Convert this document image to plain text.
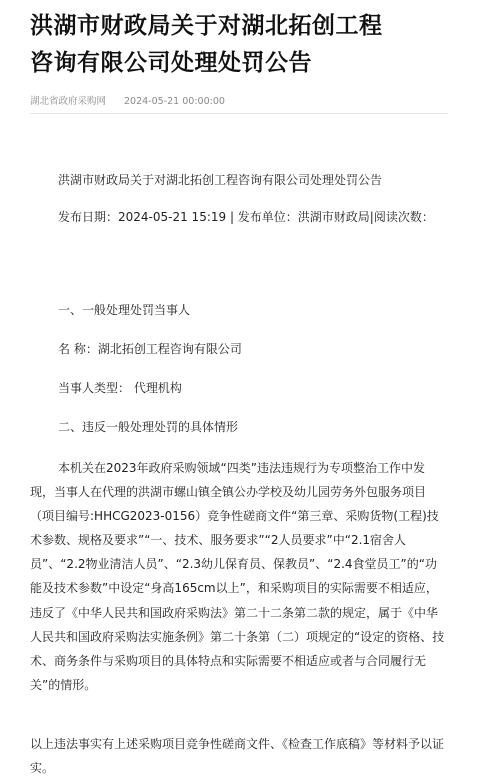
洪湖市财政局关于对湖北拓创工程
咨询有限公司处理处罚公告
湖北省政府采购网 2024-05-21 00:00:00

洪湖市财政局关于对湖北拓创工程咨询有限公司处理处罚公告

发布日期：2024-05-21 15:19 | 发布单位：洪湖市财政局|阅读次数：

一、一般处理处罚当事人

名 称：湖北拓创工程咨询有限公司

当事人类型： 代理机构

二、违反一般处理处罚的具体情形

本机关在2023年政府采购领域“四类”违法违规行为专项整治工作中发现，当事人在代理的洪湖市螺山镇全镇公办学校及幼儿园劳务外包服务项目（项目编号:HHCG2023-0156）竞争性磋商文件“第三章、采购货物(工程)技术参数、规格及要求”“一、技术、服务要求”“2人员要求”中“2.1宿舍人员”、“2.2物业清洁人员”、“2.3幼儿保育员、保教员”、“2.4食堂员工”的“功能及技术参数”中设定“身高165cm以上”，和采购项目的实际需要不相适应，违反了《中华人民共和国政府采购法》第二十二条第二款的规定，属于《中华人民共和国政府采购法实施条例》第二十条第（二）项规定的“设定的资格、技术、商务条件与采购项目的具体特点和实际需要不相适应或者与合同履行无关”的情形。

以上违法事实有上述采购项目竞争性磋商文件、《检查工作底稿》等材料予以证实。
